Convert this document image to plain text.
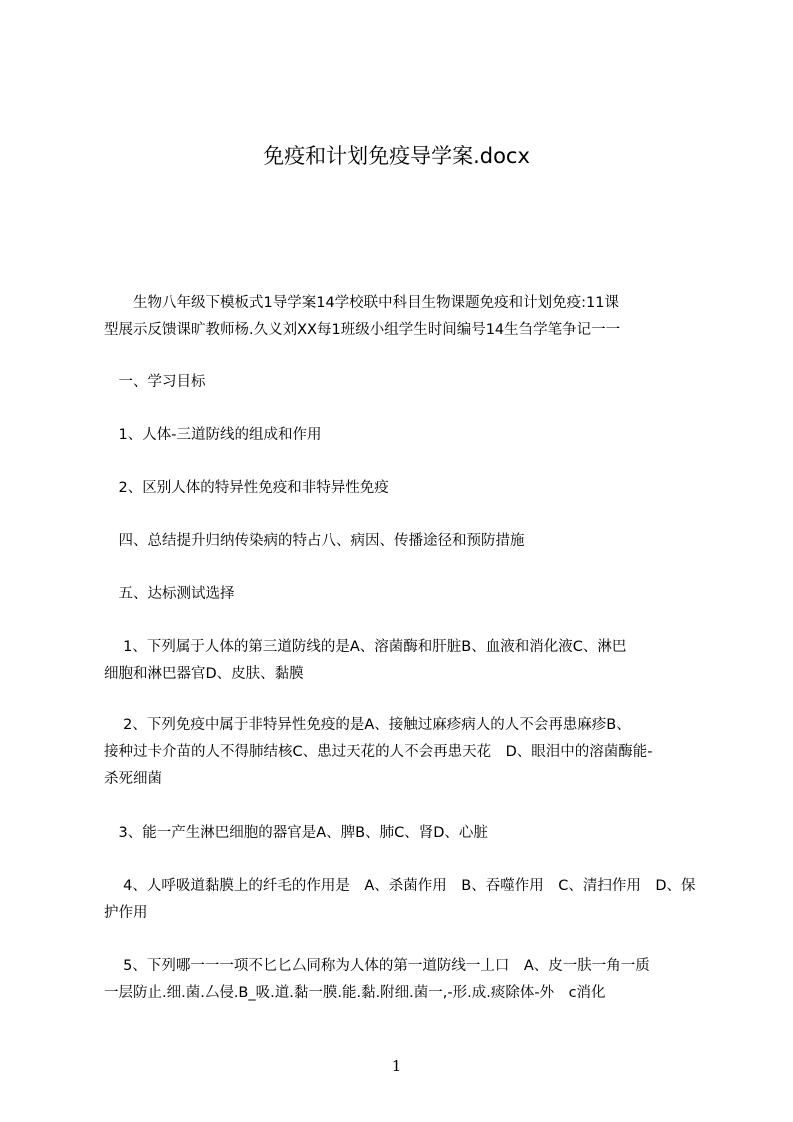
免疫和计划免疫导学案.docx
　　生物八年级下模板式1导学案14学校联中科目生物课题免疫和计划免疫:11课
型展示反馈课旷教师杨.久义刘XX每1班级小组学生时间编号14生刍学笔争记一一
　一、学习目标
　1、人体-三道防线的组成和作用
　2、区别人体的特异性免疫和非特异性免疫
　四、总结提升归纳传染病的特占八、病因、传播途径和预防措施
　五、达标测试选择
　 1、下列属于人体的第三道防线的是A、溶菌酶和肝脏B、血液和消化液C、淋巴
细胞和淋巴器官D、皮肤、黏膜
　 2、下列免疫中属于非特异性免疫的是A、接触过麻疹病人的人不会再患麻疹B、
接种过卡介苗的人不得肺结核C、患过天花的人不会再患天花　D、眼泪中的溶菌酶能-
杀死细菌
　3、能一产生淋巴细胞的器官是A、脾B、肺C、肾D、心脏
　 4、人呼吸道黏膜上的纤毛的作用是　A、杀菌作用　B、吞噬作用　C、清扫作用　D、保
护作用
　 5、下列哪一一一项不匕匕厶同称为人体的第一道防线一丄口　A、皮一肤一角一质
一层防止.细.菌.厶侵.B_吸.道.黏一膜.能.黏.附细.菌一,-形.成.痰除体-外　c消化
1
